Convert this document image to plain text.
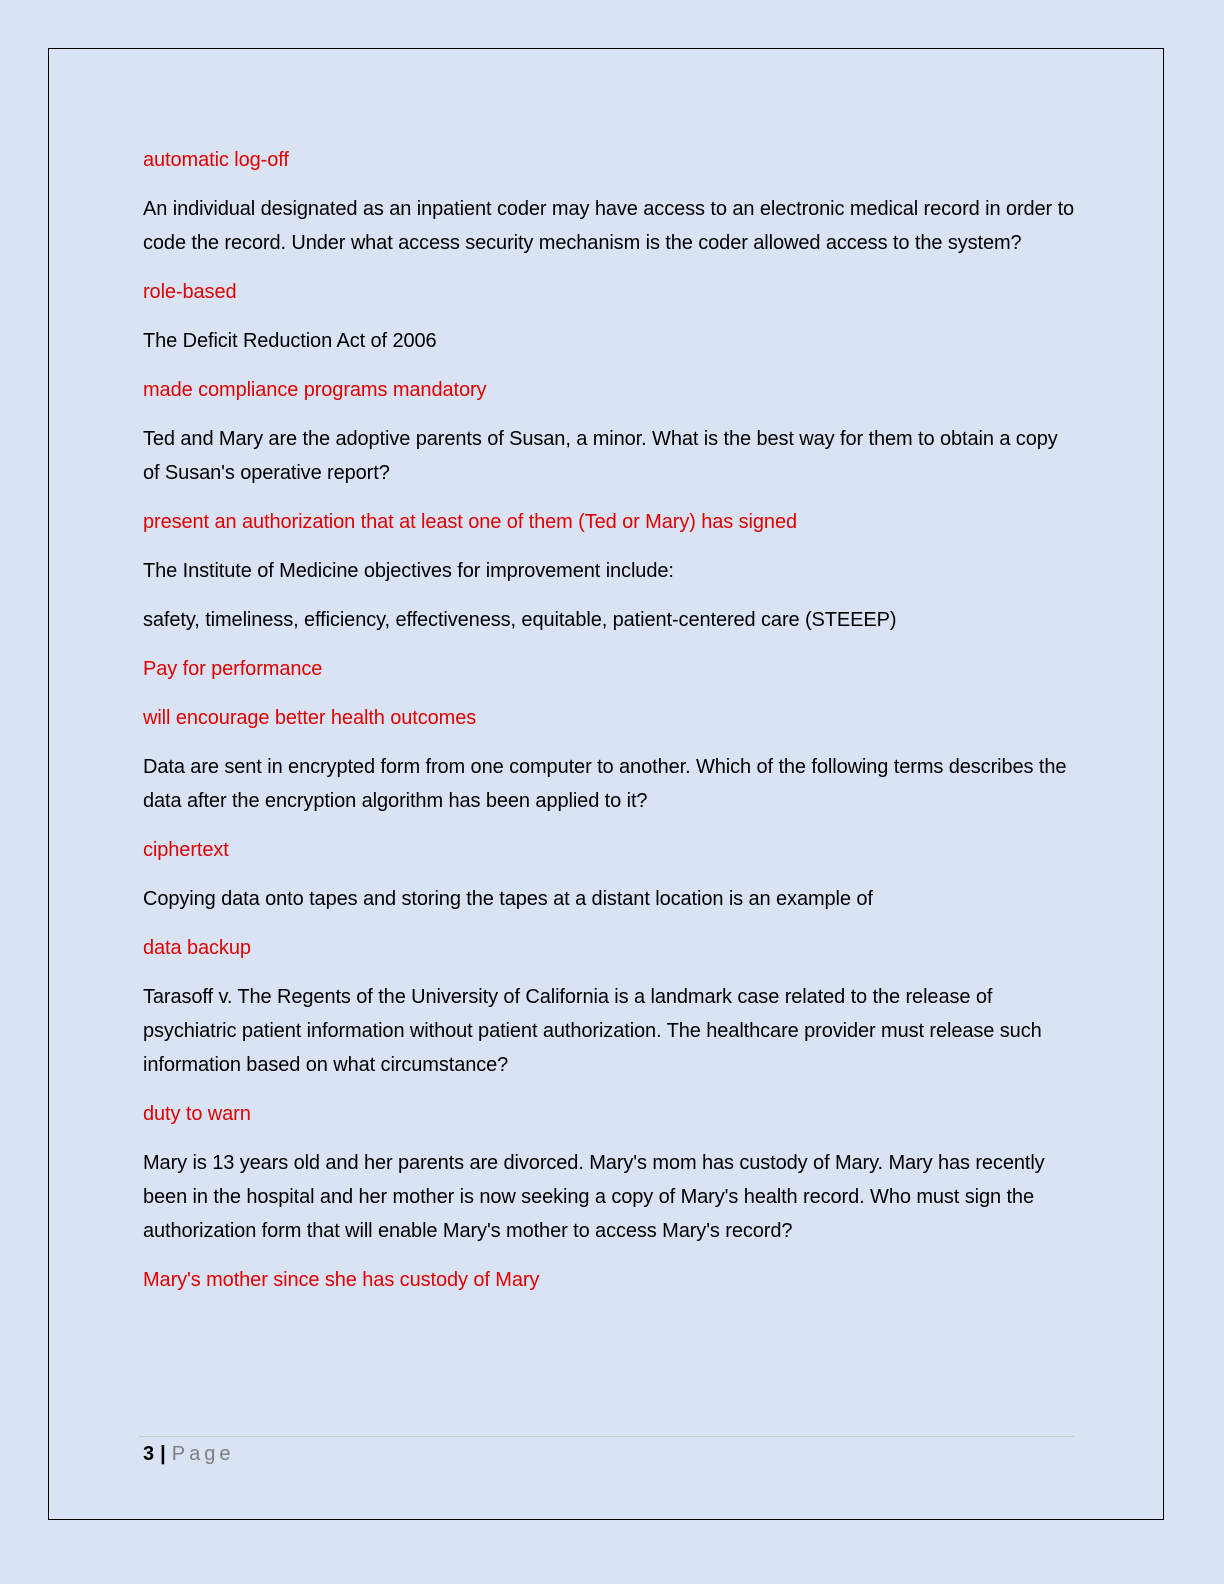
automatic log-off

An individual designated as an inpatient coder may have access to an electronic medical record in order to code the record. Under what access security mechanism is the coder allowed access to the system?

role-based

The Deficit Reduction Act of 2006

made compliance programs mandatory

Ted and Mary are the adoptive parents of Susan, a minor. What is the best way for them to obtain a copy of Susan's operative report?

present an authorization that at least one of them (Ted or Mary) has signed

The Institute of Medicine objectives for improvement include:

safety, timeliness, efficiency, effectiveness, equitable, patient-centered care (STEEEP)

Pay for performance

will encourage better health outcomes

Data are sent in encrypted form from one computer to another. Which of the following terms describes the data after the encryption algorithm has been applied to it?

ciphertext

Copying data onto tapes and storing the tapes at a distant location is an example of

data backup

Tarasoff v. The Regents of the University of California is a landmark case related to the release of psychiatric patient information without patient authorization. The healthcare provider must release such information based on what circumstance?

duty to warn

Mary is 13 years old and her parents are divorced. Mary's mom has custody of Mary. Mary has recently been in the hospital and her mother is now seeking a copy of Mary's health record. Who must sign the authorization form that will enable Mary's mother to access Mary's record?

Mary's mother since she has custody of Mary

3 | Page
